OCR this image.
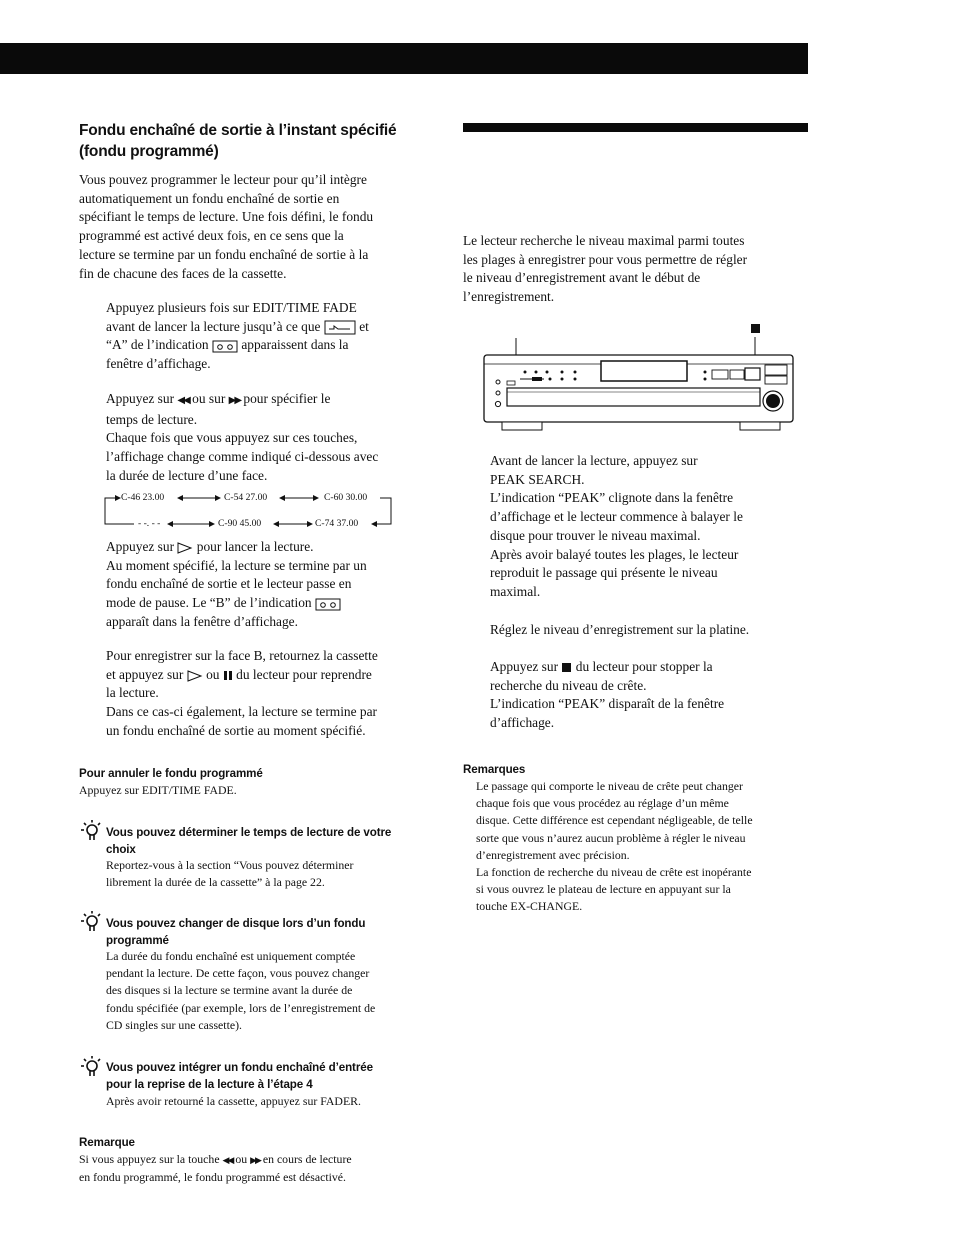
Fondu enchaîné de sortie à l’instant spécifié
(fondu programmé)
Vous pouvez programmer le lecteur pour qu’il intègre
automatiquement un fondu enchaîné de sortie en
spécifiant le temps de lecture. Une fois défini, le fondu
programmé est activé deux fois, en ce sens que la
lecture se termine par un fondu enchaîné de sortie à la
fin de chacune des faces de la cassette.
Appuyez plusieurs fois sur EDIT/TIME FADE
avant de lancer la lecture jusqu’à ce que	et
“A” de l’indication apparaissent dans la
fenêtre d’affichage.
Appuyez sur ◀◀ ou sur ▶▶ pour spécifier le
temps de lecture.
Chaque fois que vous appuyez sur ces touches,
l’affichage change comme indiqué ci-dessous avec
la durée de lecture d’une face.
C-46 23.00	C-54 27.00	C-60 30.00
- -. - -	C-90 45.00	C-74 37.00
Appuyez sur pour lancer la lecture.
Au moment spécifié, la lecture se termine par un
fondu enchaîné de sortie et le lecteur passe en
mode de pause. Le “B” de l’indication
apparaît dans la fenêtre d’affichage.
Pour enregistrer sur la face B, retournez la cassette
et appuyez sur ou du lecteur pour reprendre
la lecture.
Dans ce cas-ci également, la lecture se termine par
un fondu enchaîné de sortie au moment spécifié.
Pour annuler le fondu programmé
Appuyez sur EDIT/TIME FADE.
Vous pouvez déterminer le temps de lecture de votre
choix
Reportez-vous à la section “Vous pouvez déterminer
librement la durée de la cassette” à la page 22.
Vous pouvez changer de disque lors d’un fondu
programmé
La durée du fondu enchaîné est uniquement comptée
pendant la lecture. De cette façon, vous pouvez changer
des disques si la lecture se termine avant la durée de
fondu spécifiée (par exemple, lors de l’enregistrement de
CD singles sur une cassette).
Vous pouvez intégrer un fondu enchaîné d’entrée
pour la reprise de la lecture à l’étape 4
Après avoir retourné la cassette, appuyez sur FADER.
Remarque
Si vous appuyez sur la touche ◀◀ ou ▶▶ en cours de lecture
en fondu programmé, le fondu programmé est désactivé.
Le lecteur recherche le niveau maximal parmi toutes
les plages à enregistrer pour vous permettre de régler
le niveau d’enregistrement avant le début de
l’enregistrement.
Avant de lancer la lecture, appuyez sur
PEAK SEARCH.
L’indication “PEAK” clignote dans la fenêtre
d’affichage et le lecteur commence à balayer le
disque pour trouver le niveau maximal.
Après avoir balayé toutes les plages, le lecteur
reproduit le passage qui présente le niveau
maximal.
Réglez le niveau d’enregistrement sur la platine.
Appuyez sur du lecteur pour stopper la
recherche du niveau de crête.
L’indication “PEAK” disparaît de la fenêtre
d’affichage.
Remarques
Le passage qui comporte le niveau de crête peut changer
chaque fois que vous procédez au réglage d’un même
disque. Cette différence est cependant négligeable, de telle
sorte que vous n’aurez aucun problème à régler le niveau
d’enregistrement avec précision.
La fonction de recherche du niveau de crête est inopérante
si vous ouvrez le plateau de lecture en appuyant sur la
touche EX-CHANGE.
